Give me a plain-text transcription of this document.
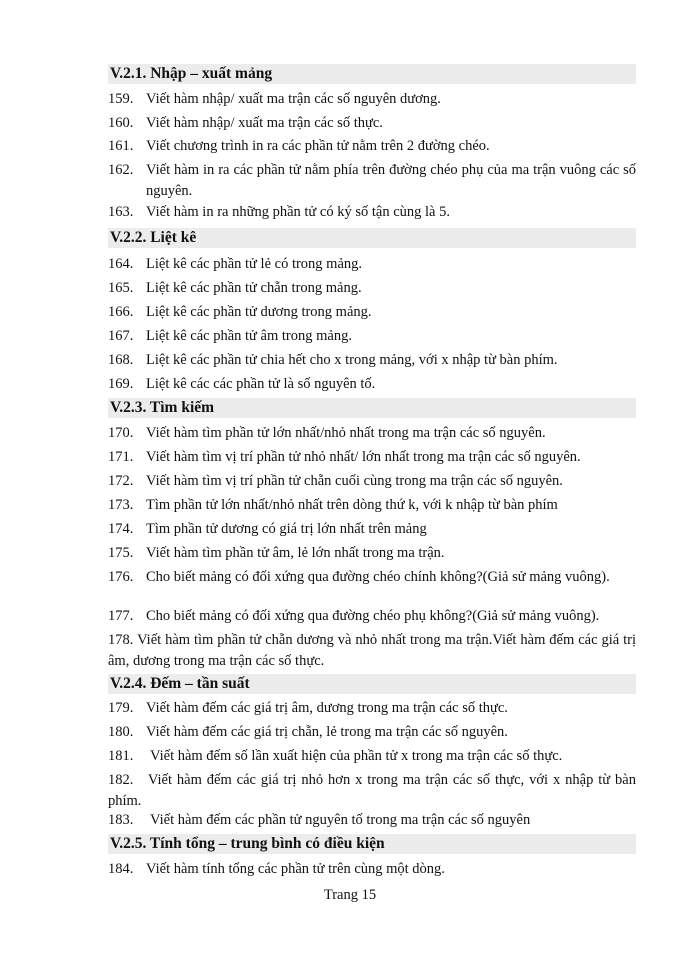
V.2.1. Nhập – xuất mảng
159. Viết hàm nhập/ xuất ma trận các số nguyên dương.
160. Viết hàm nhập/ xuất ma trận các số thực.
161. Viết chương trình in ra các phần tử nằm trên 2 đường chéo.
162. Viết hàm in ra các phần tử nằm phía trên đường chéo phụ của ma trận vuông các số nguyên.
163. Viết hàm in ra những phần tử có ký số tận cùng là 5.
V.2.2. Liệt kê
164. Liệt kê các phần tử lẻ có trong mảng.
165. Liệt kê các phần tử chẵn trong mảng.
166. Liệt kê các phần tử dương trong mảng.
167. Liệt kê các phần tử âm trong mảng.
168. Liệt kê các phần tử chia hết cho x trong mảng, với x nhập từ bàn phím.
169. Liệt kê các các phần tử là số nguyên tố.
V.2.3. Tìm kiếm
170. Viết hàm tìm phần tử lớn nhất/nhỏ nhất trong ma trận các số nguyên.
171. Viết hàm tìm vị trí phần tử nhỏ nhất/ lớn nhất trong ma trận các số nguyên.
172. Viết hàm tìm vị trí phần tử chẵn cuối cùng trong ma trận các số nguyên.
173. Tìm phần tử lớn nhất/nhỏ nhất trên dòng thứ k, với k nhập từ bàn phím
174. Tìm phần tử dương có giá trị lớn nhất trên mảng
175. Viết hàm tìm phần tử âm, lẻ lớn nhất trong ma trận.
176. Cho biết mảng có đối xứng qua đường chéo chính không?(Giả sử mảng vuông).
177. Cho biết mảng có đối xứng qua đường chéo phụ không?(Giả sử mảng vuông).
178. Viết hàm tìm phần tử chẵn dương và nhỏ nhất trong ma trận.Viết hàm đếm các giá trị âm, dương trong ma trận các số thực.
V.2.4. Đếm – tần suất
179. Viết hàm đếm các giá trị âm, dương trong ma trận các số thực.
180. Viết hàm đếm các giá trị chẵn, lẻ trong ma trận các số nguyên.
181. Viết hàm đếm số lần xuất hiện của phần tử x trong ma trận các số thực.
182. Viết hàm đếm các giá trị nhỏ hơn x trong ma trận các số thực, với x nhập từ bàn phím.
183. Viết hàm đếm các phần tử nguyên tố trong ma trận các số nguyên
V.2.5. Tính tổng – trung bình có điều kiện
184. Viết hàm tính tổng các phần tử trên cùng một dòng.
Trang 15
